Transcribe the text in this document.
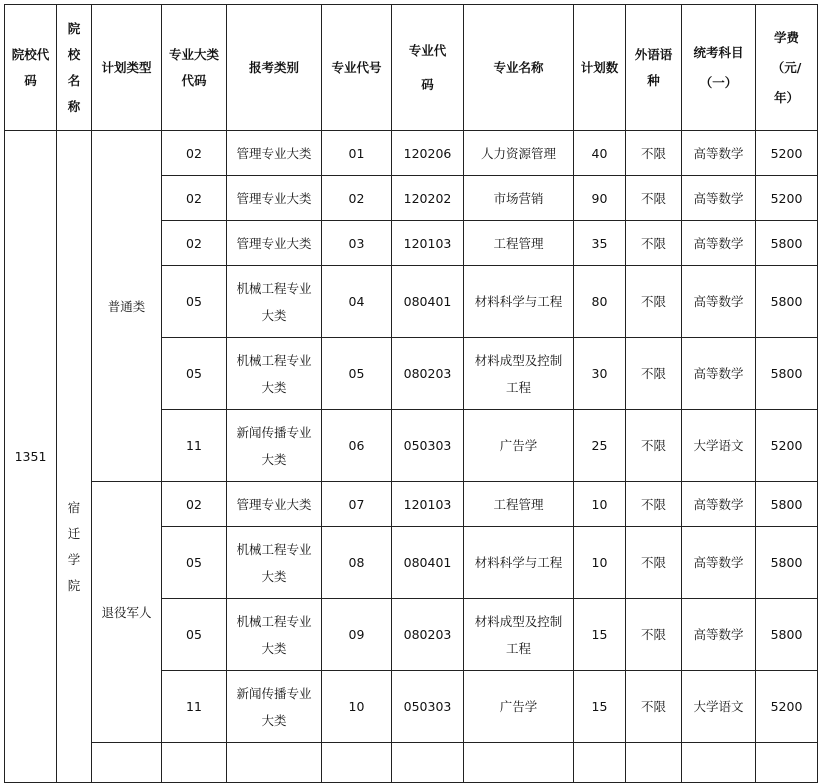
院校代码	院校名称	计划类型	专业大类代码	报考类别	专业代号	专业代码	专业名称	计划数	外语语种	统考科目（一）	学费（元/年）
1351	宿迁学院	普通类	02	管理专业大类	01	120206	人力资源管理	40	不限	高等数学	5200
			02	管理专业大类	02	120202	市场营销	90	不限	高等数学	5200
			02	管理专业大类	03	120103	工程管理	35	不限	高等数学	5800
			05	机械工程专业大类	04	080401	材料科学与工程	80	不限	高等数学	5800
			05	机械工程专业大类	05	080203	材料成型及控制工程	30	不限	高等数学	5800
			11	新闻传播专业大类	06	050303	广告学	25	不限	大学语文	5200
		退役军人	02	管理专业大类	07	120103	工程管理	10	不限	高等数学	5800
			05	机械工程专业大类	08	080401	材料科学与工程	10	不限	高等数学	5800
			05	机械工程专业大类	09	080203	材料成型及控制工程	15	不限	高等数学	5800
			11	新闻传播专业大类	10	050303	广告学	15	不限	大学语文	5200
